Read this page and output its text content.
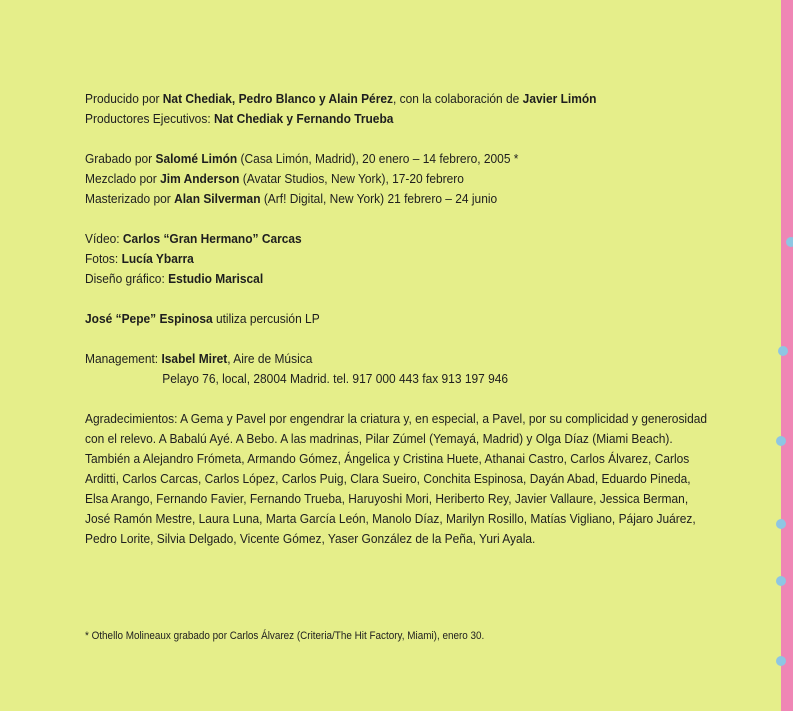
Producido por Nat Chediak, Pedro Blanco y Alain Pérez, con la colaboración de Javier Limón
Productores Ejecutivos: Nat Chediak y Fernando Trueba
Grabado por Salomé Limón (Casa Limón, Madrid), 20 enero – 14 febrero, 2005 *
Mezclado por Jim Anderson (Avatar Studios, New York), 17-20 febrero
Masterizado por Alan Silverman (Arf! Digital, New York) 21 febrero – 24 junio
Vídeo: Carlos “Gran Hermano” Carcas
Fotos: Lucía Ybarra
Diseño gráfico: Estudio Mariscal
José “Pepe” Espinosa utiliza percusión LP
Management: Isabel Miret, Aire de Música
Pelayo 76, local, 28004 Madrid. tel. 917 000 443 fax 913 197 946
Agradecimientos: A Gema y Pavel por engendrar la criatura y, en especial, a Pavel, por su complicidad y generosidad con el relevo. A Babalú Ayé. A Bebo. A las madrinas, Pilar Zúmel (Yemayá, Madrid) y Olga Díaz (Miami Beach). También a Alejandro Frómeta, Armando Gómez, Ángelica y Cristina Huete, Athanai Castro, Carlos Álvarez, Carlos Arditti, Carlos Carcas, Carlos López, Carlos Puig, Clara Sueiro, Conchita Espinosa, Dayán Abad, Eduardo Pineda, Elsa Arango, Fernando Favier, Fernando Trueba, Haruyoshi Mori, Heriberto Rey, Javier Vallaure, Jessica Berman, José Ramón Mestre, Laura Luna, Marta García León, Manolo Díaz, Marilyn Rosillo, Matías Vigliano, Pájaro Juárez, Pedro Lorite, Silvia Delgado, Vicente Gómez, Yaser González de la Peña, Yuri Ayala.
* Othello Molineaux grabado por Carlos Álvarez (Criteria/The Hit Factory, Miami), enero 30.
